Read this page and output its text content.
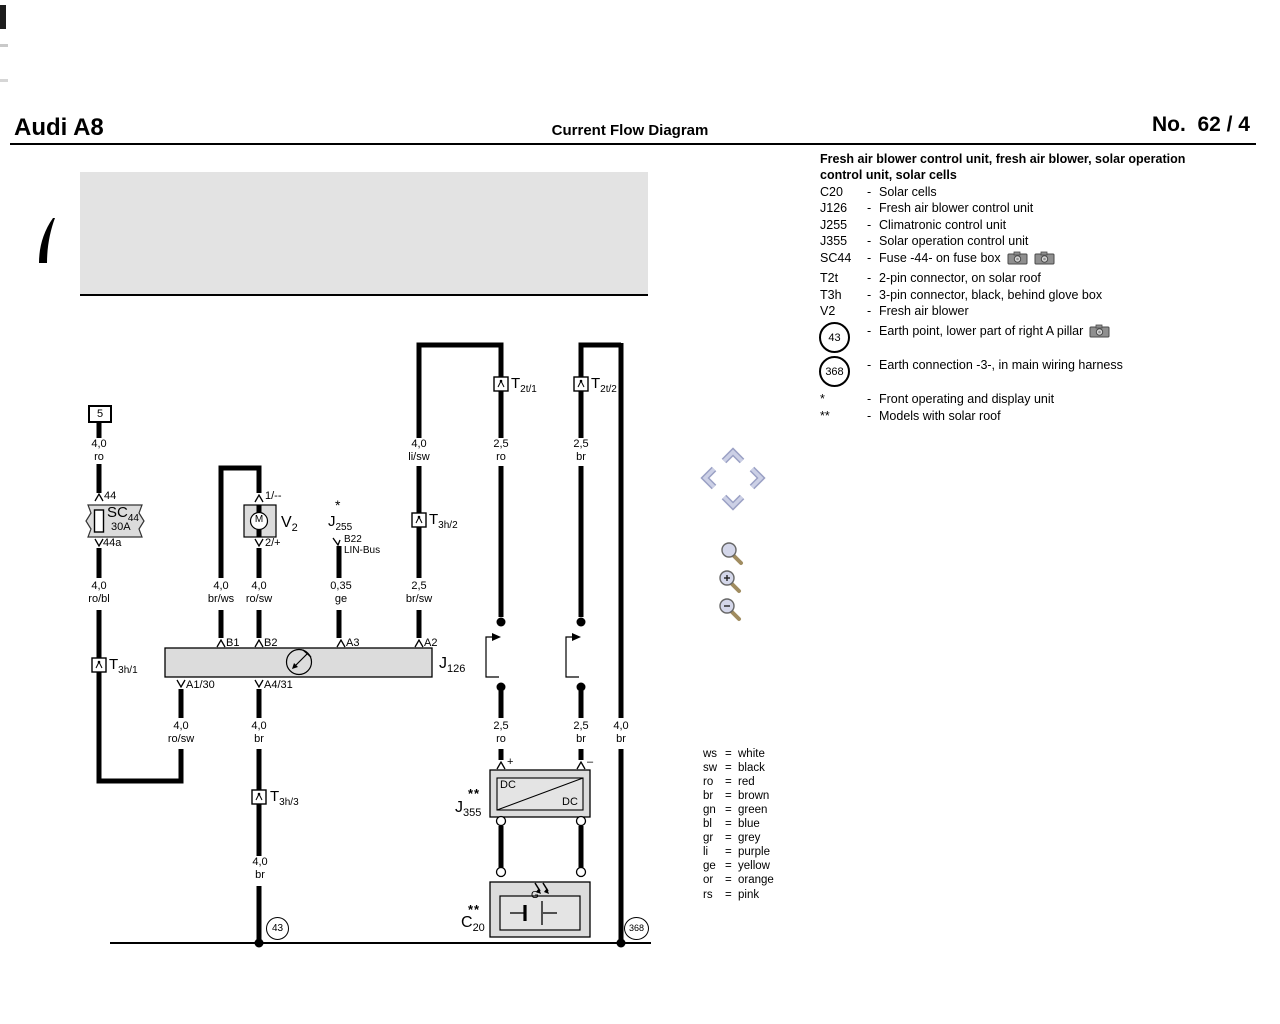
Audi A8	Current Flow Diagram	No.  62 / 4
5
4,0
ro
4,0
ro/bl
4,0
br/ws
4,0
ro/sw
0,35
ge
2,5
br/sw
4,0
li/sw
2,5
ro
2,5
br
2,5
ro
2,5
br
4,0
br
4,0
ro/sw
4,0
br
4,0
br
44
44a
$SC_{44}$
30A
1/--
2/+
M $V_2$
*
$J_{255}$
B22
LIN-Bus
$T_{3h/1}$
$T_{3h/2}$
$T_{2t/1}$	$T_{2t/2}$
$T_{3h/3}$
B1 B2	A3	A2
A1/30	A4/31
$J_{126}$
**
$J_{355}$
+	–
DC
DC
**
$C_{20}$
G
43	368
Fresh air blower control unit, fresh air blower, solar operation
control unit, solar cells
C20	- Solar cells
J126	- Fresh air blower control unit
J255	- Climatronic control unit
J355	- Solar operation control unit
SC44	- Fuse -44- on fuse box
T2t	- 2-pin connector, on solar roof
T3h	- 3-pin connector, black, behind glove box
V2	- Fresh air blower
43	- Earth point, lower part of right A pillar
368	- Earth connection -3-, in main wiring harness
*	- Front operating and display unit
**	- Models with solar roof
ws = white
sw = black
ro = red
br = brown
gn = green
bl = blue
gr = grey
li = purple
ge = yellow
or = orange
rs = pink
